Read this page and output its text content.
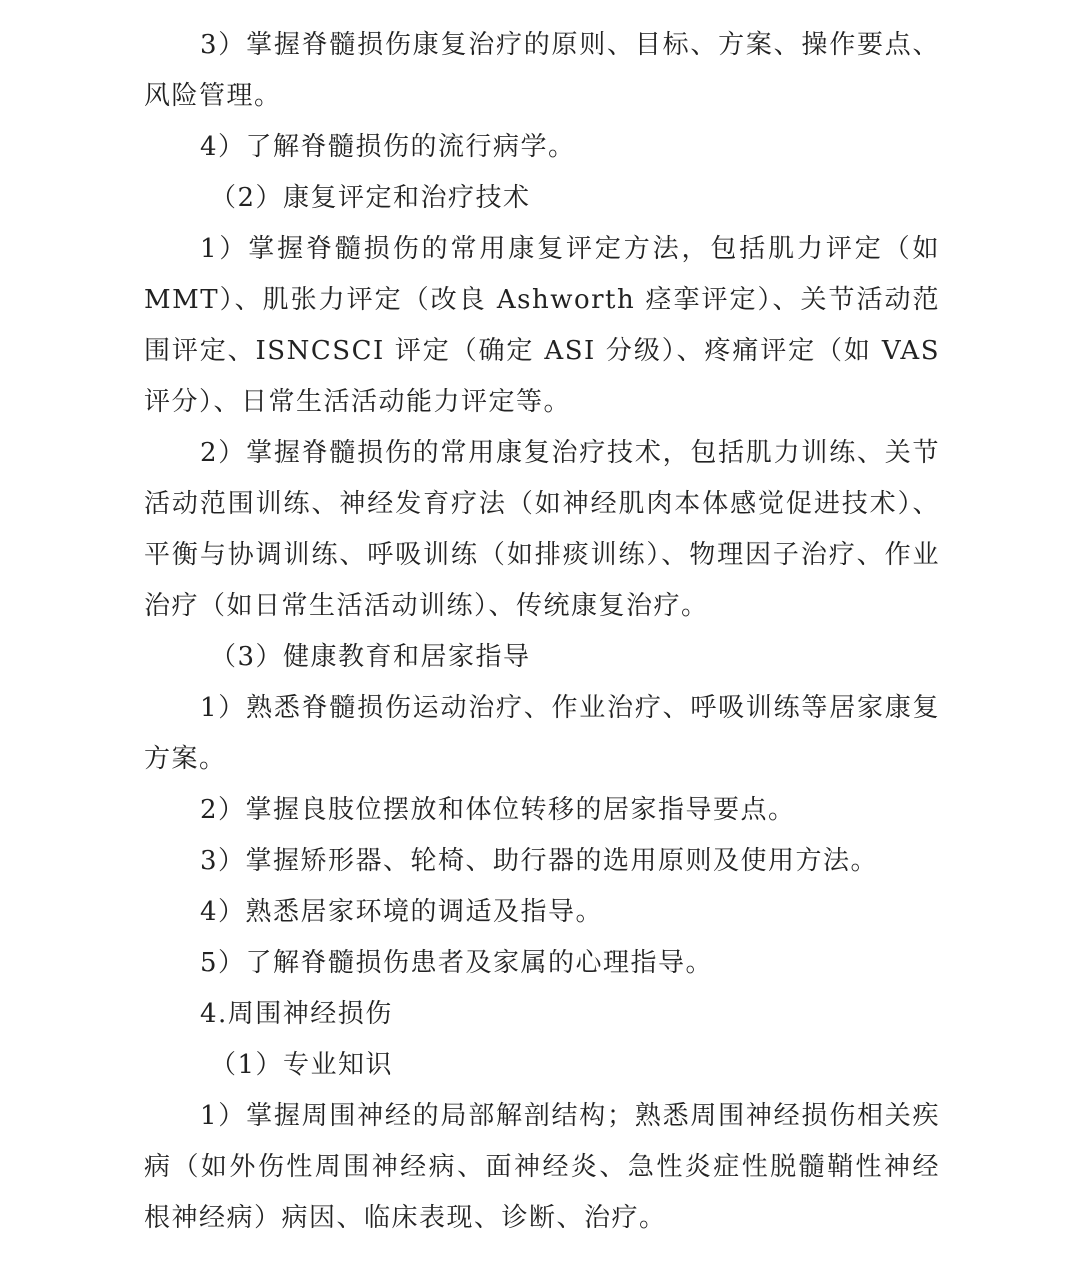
3）掌握脊髓损伤康复治疗的原则、目标、方案、操作要点、风险管理。

4）了解脊髓损伤的流行病学。

（2）康复评定和治疗技术

1）掌握脊髓损伤的常用康复评定方法，包括肌力评定（如MMT）、肌张力评定（改良 Ashworth 痉挛评定）、关节活动范围评定、ISNCSCI 评定（确定 ASI 分级）、疼痛评定（如 VAS 评分）、日常生活活动能力评定等。

2）掌握脊髓损伤的常用康复治疗技术，包括肌力训练、关节活动范围训练、神经发育疗法（如神经肌肉本体感觉促进技术）、平衡与协调训练、呼吸训练（如排痰训练）、物理因子治疗、作业治疗（如日常生活活动训练）、传统康复治疗。

（3）健康教育和居家指导

1）熟悉脊髓损伤运动治疗、作业治疗、呼吸训练等居家康复方案。

2）掌握良肢位摆放和体位转移的居家指导要点。

3）掌握矫形器、轮椅、助行器的选用原则及使用方法。

4）熟悉居家环境的调适及指导。

5）了解脊髓损伤患者及家属的心理指导。

4.周围神经损伤

（1）专业知识

1）掌握周围神经的局部解剖结构；熟悉周围神经损伤相关疾病（如外伤性周围神经病、面神经炎、急性炎症性脱髓鞘性神经根神经病）病因、临床表现、诊断、治疗。
